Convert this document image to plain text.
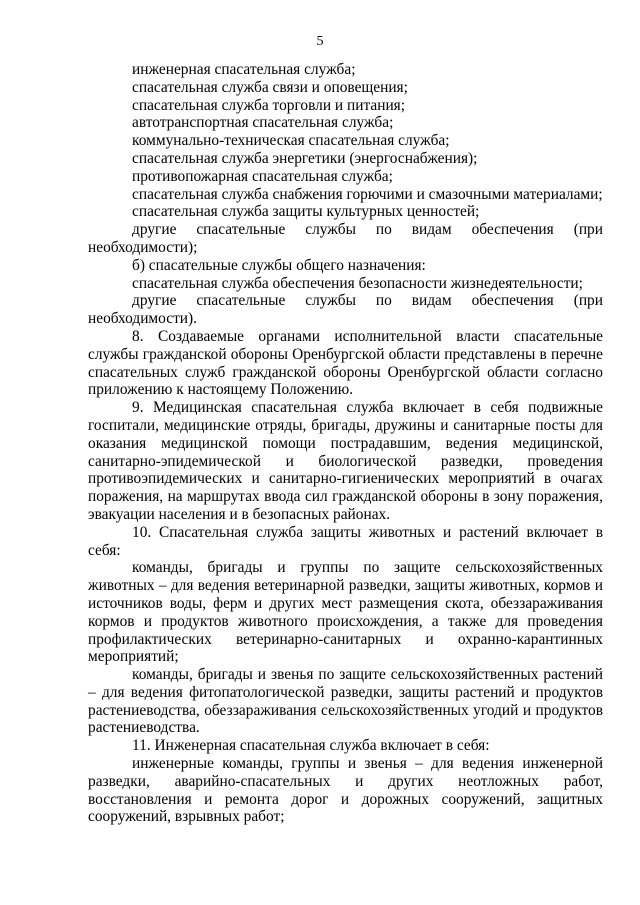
5

инженерная спасательная служба;

спасательная служба связи и оповещения;

спасательная служба торговли и питания;

автотранспортная спасательная служба;

коммунально-техническая спасательная служба;

спасательная служба энергетики (энергоснабжения);

противопожарная спасательная служба;

спасательная служба снабжения горючими и смазочными материалами;

спасательная служба защиты культурных ценностей;

другие спасательные службы по видам обеспечения (при необходимости);

б) спасательные службы общего назначения:

спасательная служба обеспечения безопасности жизнедеятельности;

другие спасательные службы по видам обеспечения (при необходимости).

8. Создаваемые органами исполнительной власти спасательные службы гражданской обороны Оренбургской области представлены в перечне спасательных служб гражданской обороны Оренбургской области согласно приложению к настоящему Положению.

9. Медицинская спасательная служба включает в себя подвижные госпитали, медицинские отряды, бригады, дружины и санитарные посты для оказания медицинской помощи пострадавшим, ведения медицинской, санитарно-эпидемической и биологической разведки, проведения противоэпидемических и санитарно-гигиенических мероприятий в очагах поражения, на маршрутах ввода сил гражданской обороны в зону поражения, эвакуации населения и в безопасных районах.

10. Спасательная служба защиты животных и растений включает в себя:

команды, бригады и группы по защите сельскохозяйственных животных – для ведения ветеринарной разведки, защиты животных, кормов и источников воды, ферм и других мест размещения скота, обеззараживания кормов и продуктов животного происхождения, а также для проведения профилактических ветеринарно-санитарных и охранно-карантинных мероприятий;

команды, бригады и звенья по защите сельскохозяйственных растений – для ведения фитопатологической разведки, защиты растений и продуктов растениеводства, обеззараживания сельскохозяйственных угодий и продуктов растениеводства.

11. Инженерная спасательная служба включает в себя:

инженерные команды, группы и звенья – для ведения инженерной разведки, аварийно-спасательных и других неотложных работ, восстановления и ремонта дорог и дорожных сооружений, защитных сооружений, взрывных работ;
